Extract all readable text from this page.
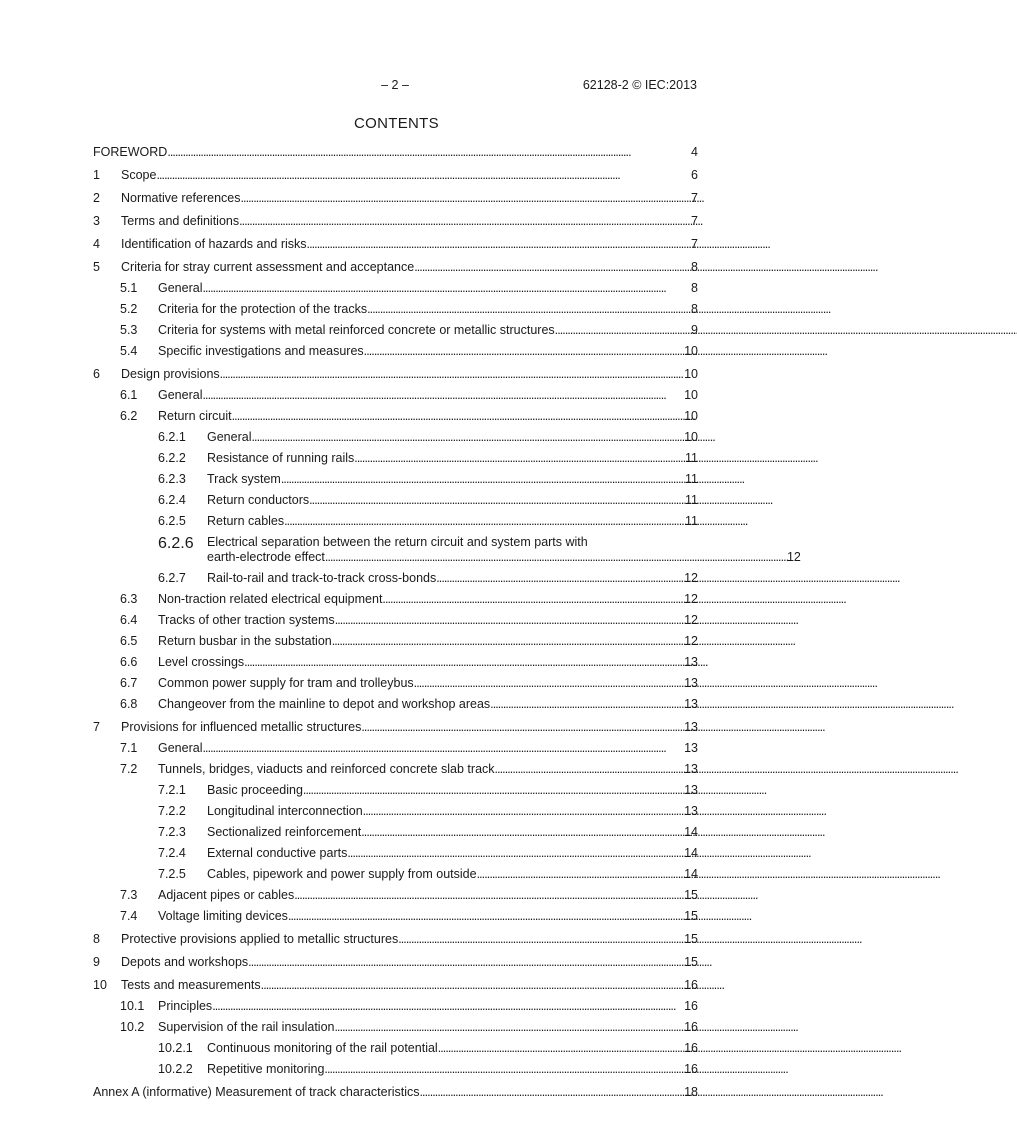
– 2 –	62128-2 © IEC:2013
CONTENTS
FOREWORD . . .	4
1	Scope . . .	6
2	Normative references . . .	7
3	Terms and definitions . . .	7
4	Identification of hazards and risks . . .	7
5	Criteria for stray current assessment and acceptance . . .	8
5.1	General . . .	8
5.2	Criteria for the protection of the tracks . . .	8
5.3	Criteria for systems with metal reinforced concrete or metallic structures . . .	9
5.4	Specific investigations and measures . . .	10
6	Design provisions . . .	10
6.1	General . . .	10
6.2	Return circuit . . .	10
6.2.1	General . . .	10
6.2.2	Resistance of running rails . . .	11
6.2.3	Track system . . .	11
6.2.4	Return conductors . . .	11
6.2.5	Return cables . . .	11
6.2.6	Electrical separation between the return circuit and system parts with
earth-electrode effect . . .	12
6.2.7	Rail-to-rail and track-to-track cross-bonds . . .	12
6.3	Non-traction related electrical equipment . . .	12
6.4	Tracks of other traction systems . . .	12
6.5	Return busbar in the substation . . .	12
6.6	Level crossings . . .	13
6.7	Common power supply for tram and trolleybus . . .	13
6.8	Changeover from the mainline to depot and workshop areas . . .	13
7	Provisions for influenced metallic structures . . .	13
7.1	General . . .	13
7.2	Tunnels, bridges, viaducts and reinforced concrete slab track . . .	13
7.2.1	Basic proceeding . . .	13
7.2.2	Longitudinal interconnection . . .	13
7.2.3	Sectionalized reinforcement . . .	14
7.2.4	External conductive parts . . .	14
7.2.5	Cables, pipework and power supply from outside . . .	14
7.3	Adjacent pipes or cables . . .	15
7.4	Voltage limiting devices . . .	15
8	Protective provisions applied to metallic structures . . .	15
9	Depots and workshops . . .	15
10	Tests and measurements . . .	16
10.1	Principles . . .	16
10.2	Supervision of the rail insulation . . .	16
10.2.1	Continuous monitoring of the rail potential . . .	16
10.2.2	Repetitive monitoring . . .	16
Annex A (informative) Measurement of track characteristics . . .	18
